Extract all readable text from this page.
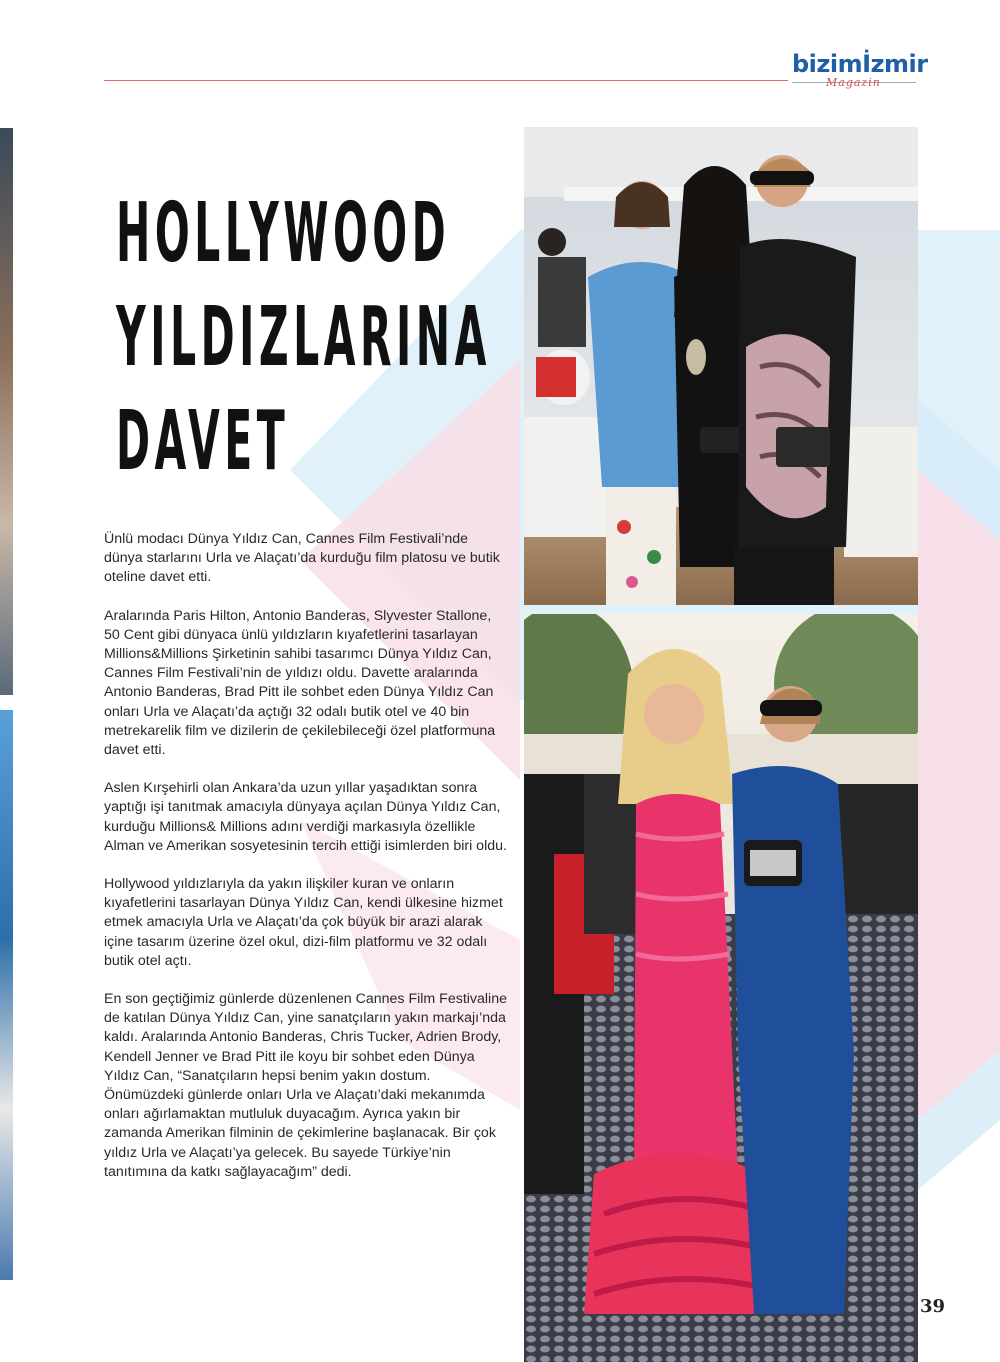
bizimİzmir
Magazin
HOLLYWOOD
YILDIZLARINA
DAVET

Ünlü modacı Dünya Yıldız Can, Cannes Film Festivali’nde dünya starlarını Urla ve Alaçatı’da kurduğu film platosu ve butik oteline davet etti.

Aralarında Paris Hilton, Antonio Banderas, Slyvester Stallone, 50 Cent gibi dünyaca ünlü yıldızların kıyafetlerini tasarlayan Millions&Millions Şirketinin sahibi tasarımcı Dünya Yıldız Can, Cannes Film Festivali’nin de yıldızı oldu. Davette aralarında Antonio Banderas, Brad Pitt ile sohbet eden Dünya Yıldız Can onları Urla ve Alaçatı’da açtığı 32 odalı butik otel ve 40 bin metrekarelik film ve dizilerin de çekilebileceği özel platformuna davet etti.

Aslen Kırşehirli olan Ankara’da uzun yıllar yaşadıktan sonra yaptığı işi tanıtmak amacıyla dünyaya açılan Dünya Yıldız Can, kurduğu Millions& Millions adını verdiği markasıyla özellikle Alman ve Amerikan sosyetesinin tercih ettiği isimlerden biri oldu.

Hollywood yıldızlarıyla da yakın ilişkiler kuran ve onların kıyafetlerini tasarlayan Dünya Yıldız Can, kendi ülkesine hizmet etmek amacıyla Urla ve Alaçatı’da çok büyük bir arazi alarak içine tasarım üzerine özel okul, dizi-film platformu ve 32 odalı butik otel açtı.

En son geçtiğimiz günlerde düzenlenen Cannes Film Festivaline de katılan Dünya Yıldız Can, yine sanatçıların yakın markajı’nda kaldı. Aralarında Antonio Banderas, Chris Tucker, Adrien Brody, Kendell Jenner ve Brad Pitt ile koyu bir sohbet eden Dünya Yıldız Can, “Sanatçıların hepsi benim yakın dostum. Önümüzdeki günlerde onları Urla ve Alaçatı’daki mekanımda onları ağırlamaktan mutluluk duyacağım. Ayrıca yakın bir zamanda Amerikan filminin de çekimlerine başlanacak. Bir çok yıldız Urla ve Alaçatı’ya gelecek. Bu sayede Türkiye’nin tanıtımına da katkı sağlayacağım” dedi.

39
